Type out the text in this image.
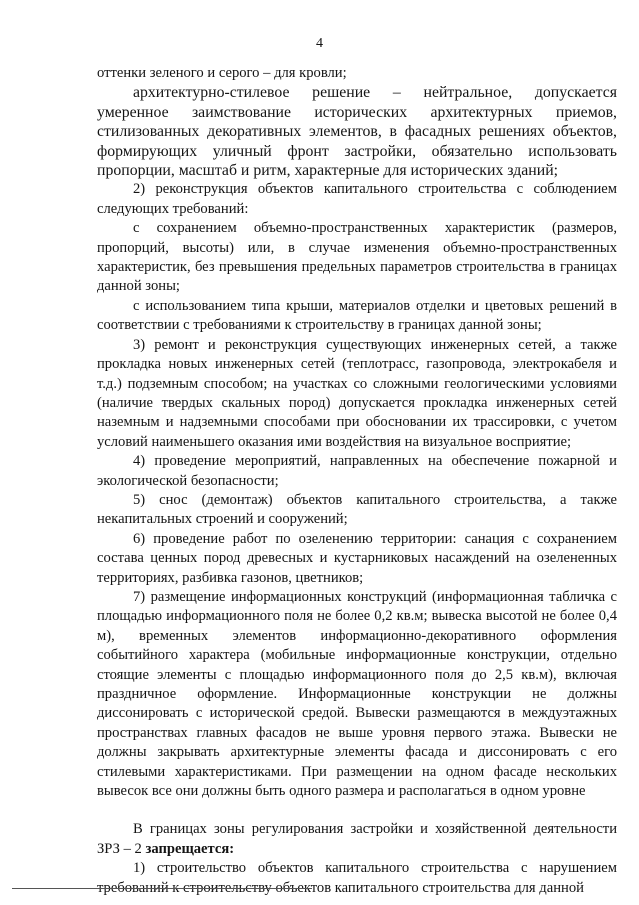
4

оттенки зеленого и серого – для кровли;

архитектурно-стилевое решение – нейтральное, допускается умеренное заимствование исторических архитектурных приемов, стилизованных декоративных элементов, в фасадных решениях объектов, формирующих уличный фронт застройки, обязательно использовать пропорции, масштаб и ритм, характерные для исторических зданий;

2) реконструкция объектов капитального строительства с соблюдением следующих требований:

с сохранением объемно-пространственных характеристик (размеров, пропорций, высоты) или, в случае изменения объемно-пространственных характеристик, без превышения предельных параметров строительства в границах данной зоны;

с использованием типа крыши, материалов отделки и цветовых решений в соответствии с требованиями к строительству в границах данной зоны;

3) ремонт и реконструкция существующих инженерных сетей, а также прокладка новых инженерных сетей (теплотрасс, газопровода, электрокабеля и т.д.) подземным способом; на участках со сложными геологическими условиями (наличие твердых скальных пород) допускается прокладка инженерных сетей наземным и надземными способами при обосновании их трассировки, с учетом условий наименьшего оказания ими воздействия на визуальное восприятие;

4) проведение мероприятий, направленных на обеспечение пожарной и экологической безопасности;

5) снос (демонтаж) объектов капитального строительства, а также некапитальных строений и сооружений;

6) проведение работ по озеленению территории: санация с сохранением состава ценных пород древесных и кустарниковых насаждений на озелененных территориях, разбивка газонов, цветников;

7) размещение информационных конструкций (информационная табличка с площадью информационного поля не более 0,2 кв.м; вывеска высотой не более 0,4 м), временных элементов информационно-декоративного оформления событийного характера (мобильные информационные конструкции, отдельно стоящие элементы с площадью информационного поля до 2,5 кв.м), включая праздничное оформление. Информационные конструкции не должны диссонировать с исторической средой. Вывески размещаются в междуэтажных пространствах главных фасадов не выше уровня первого этажа. Вывески не должны закрывать архитектурные элементы фасада и диссонировать с его стилевыми характеристиками. При размещении на одном фасаде нескольких вывесок все они должны быть одного размера и располагаться в одном уровне

В границах зоны регулирования застройки и хозяйственной деятельности ЗРЗ – 2 запрещается:

1) строительство объектов капитального строительства с нарушением требований к строительству объектов капитального строительства для данной
